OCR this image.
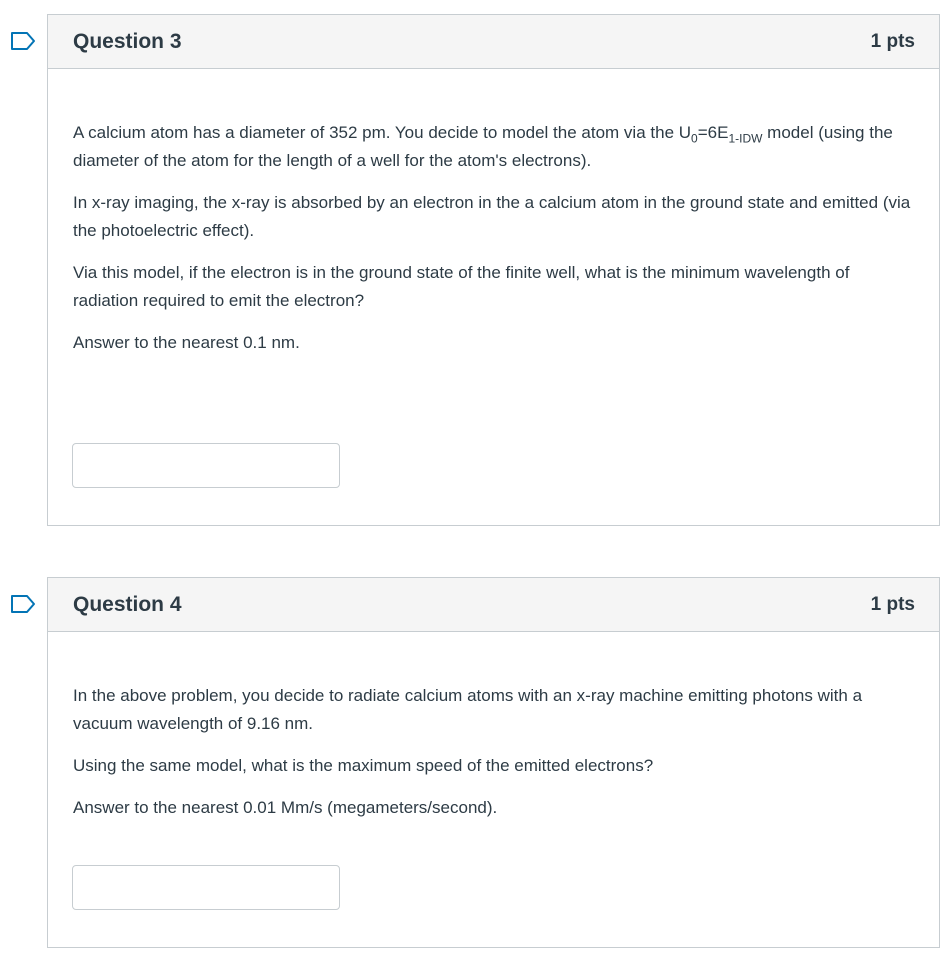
Question 3	1 pts

A calcium atom has a diameter of 352 pm. You decide to model the atom via the $U_0=6E_{1-IDW}$ model (using the diameter of the atom for the length of a well for the atom's electrons).

In x-ray imaging, the x-ray is absorbed by an electron in the a calcium atom in the ground state and emitted (via the photoelectric effect).

Via this model, if the electron is in the ground state of the finite well, what is the minimum wavelength of radiation required to emit the electron?

Answer to the nearest 0.1 nm.

Question 4	1 pts

In the above problem, you decide to radiate calcium atoms with an x-ray machine emitting photons with a vacuum wavelength of 9.16 nm.

Using the same model, what is the maximum speed of the emitted electrons?

Answer to the nearest 0.01 Mm/s (megameters/second).
